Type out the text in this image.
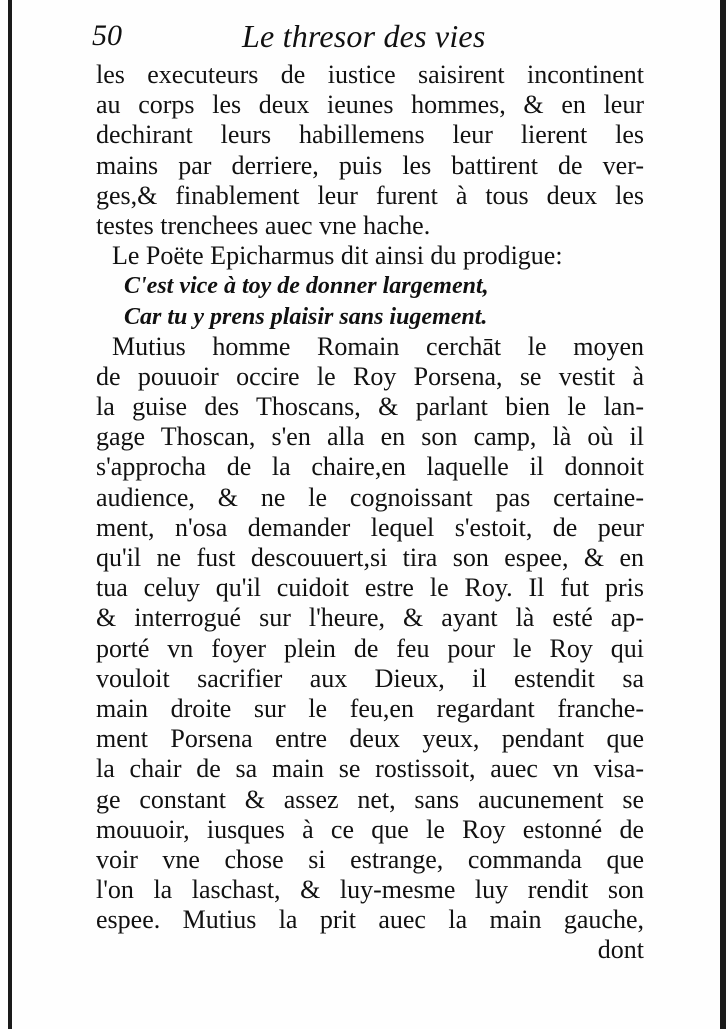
50	Le thresor des vies
les executeurs de iustice saisirent incontinent
au corps les deux ieunes hommes, & en leur
dechirant leurs habillemens leur lierent les
mains par derriere, puis les battirent de ver-
ges,& finablement leur furent à tous deux les
testes trenchees auec vne hache.
Le Poëte Epicharmus dit ainsi du prodigue:
C'est vice à toy de donner largement,
Car tu y prens plaisir sans iugement.
Mutius homme Romain cerchāt le moyen
de pouuoir occire le Roy Porsena, se vestit à
la guise des Thoscans, & parlant bien le lan-
gage Thoscan, s'en alla en son camp, là où il
s'approcha de la chaire,en laquelle il donnoit
audience, & ne le cognoissant pas certaine-
ment, n'osa demander lequel s'estoit, de peur
qu'il ne fust descouuert,si tira son espee, & en
tua celuy qu'il cuidoit estre le Roy. Il fut pris
& interrogué sur l'heure, & ayant là esté ap-
porté vn foyer plein de feu pour le Roy qui
vouloit sacrifier aux Dieux, il estendit sa
main droite sur le feu,en regardant franche-
ment Porsena entre deux yeux, pendant que
la chair de sa main se rostissoit, auec vn visa-
ge constant & assez net, sans aucunement se
mouuoir, iusques à ce que le Roy estonné de
voir vne chose si estrange, commanda que
l'on la laschast, & luy-mesme luy rendit son
espee. Mutius la prit auec la main gauche,
dont
